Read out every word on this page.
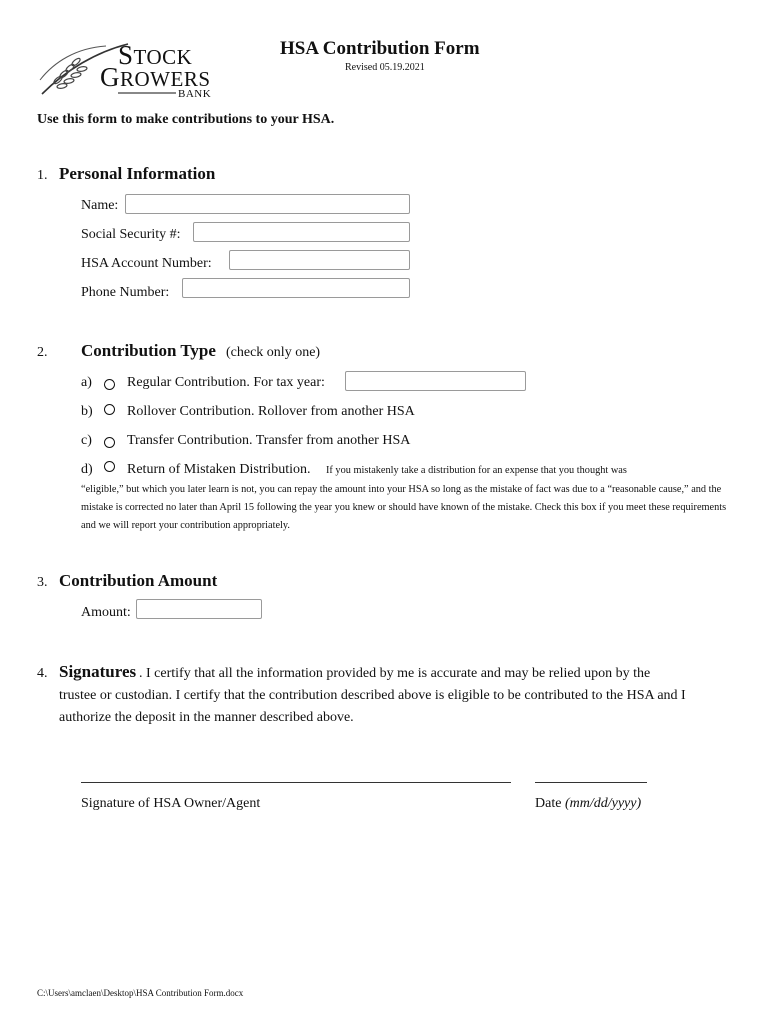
STOCK
GROWERS
BANK
HSA Contribution Form
Revised 05.19.2021
Use this form to make contributions to your HSA.
1. Personal Information
Name:
Social Security #:
HSA Account Number:
Phone Number:
2. Contribution Type (check only one)
a)	Regular Contribution. For tax year:
b) Rollover Contribution. Rollover from another HSA
c)	Transfer Contribution. Transfer from another HSA
d) Return of Mistaken Distribution. If you mistakenly take a distribution for an expense that you thought was
“eligible,” but which you later learn is not, you can repay the amount into your HSA so long as the mistake of fact was due to a “reasonable cause,” and the mistake is corrected no later than April 15 following the year you knew or should have known of the mistake. Check this box if you meet these requirements and we will report your contribution appropriately.
3. Contribution Amount
Amount:
4. Signatures . I certify that all the information provided by me is accurate and may be relied upon by the
trustee or custodian. I certify that the contribution described above is eligible to be contributed to the HSA and I authorize the deposit in the manner described above.
Signature of HSA Owner/Agent	Date (mm/dd/yyyy)
C:\Users\amclaen\Desktop\HSA Contribution Form.docx
